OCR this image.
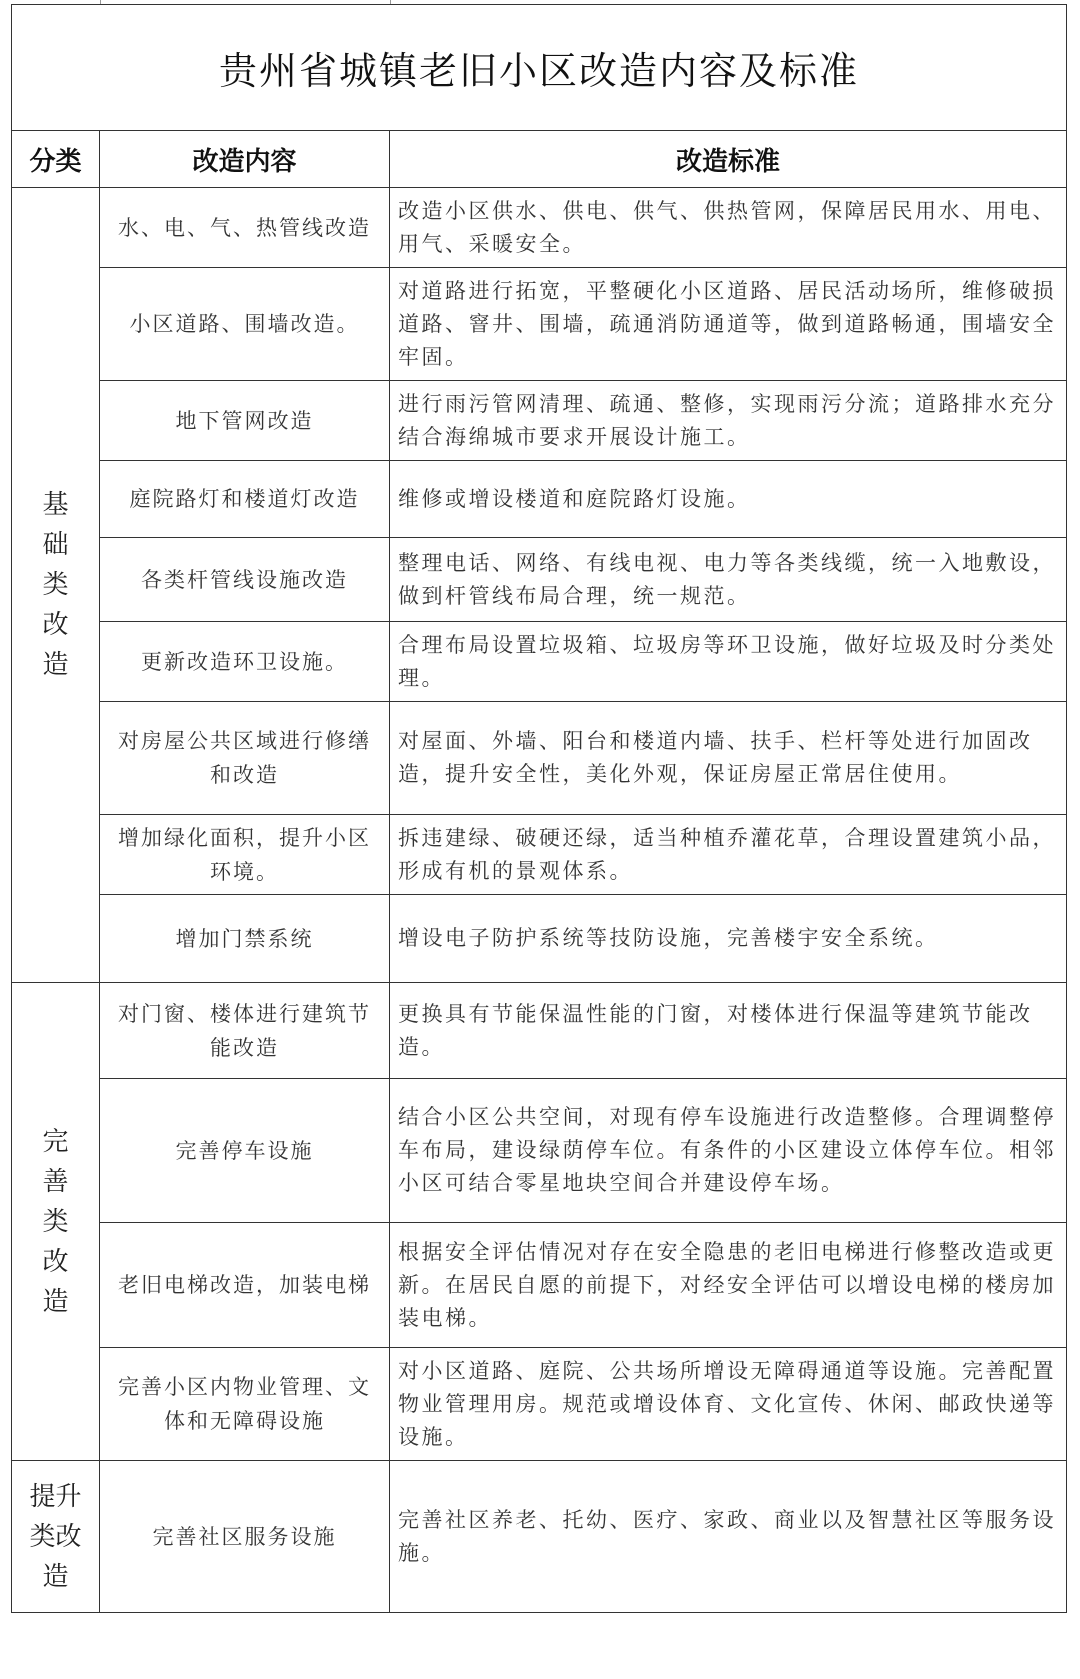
贵州省城镇老旧小区改造内容及标准		
分类	改造内容	改造标准
基础类改造	水、电、气、热管线改造	改造小区供水、供电、供气、供热管网，保障居民用水、用电、用气、采暖安全。
	小区道路、围墙改造。	对道路进行拓宽，平整硬化小区道路、居民活动场所，维修破损道路、窨井、围墙，疏通消防通道等，做到道路畅通，围墙安全牢固。
	地下管网改造	进行雨污管网清理、疏通、整修，实现雨污分流；道路排水充分结合海绵城市要求开展设计施工。
	庭院路灯和楼道灯改造	维修或增设楼道和庭院路灯设施。
	各类杆管线设施改造	整理电话、网络、有线电视、电力等各类线缆，统一入地敷设，做到杆管线布局合理，统一规范。
	更新改造环卫设施。	合理布局设置垃圾箱、垃圾房等环卫设施，做好垃圾及时分类处理。
	对房屋公共区域进行修缮和改造	对屋面、外墙、阳台和楼道内墙、扶手、栏杆等处进行加固改造，提升安全性，美化外观，保证房屋正常居住使用。
	增加绿化面积，提升小区环境。	拆违建绿、破硬还绿，适当种植乔灌花草，合理设置建筑小品，形成有机的景观体系。
	增加门禁系统	增设电子防护系统等技防设施，完善楼宇安全系统。
完善类改造	对门窗、楼体进行建筑节能改造	更换具有节能保温性能的门窗，对楼体进行保温等建筑节能改造。
	完善停车设施	结合小区公共空间，对现有停车设施进行改造整修。合理调整停车布局，建设绿荫停车位。有条件的小区建设立体停车位。相邻小区可结合零星地块空间合并建设停车场。
	老旧电梯改造，加装电梯	根据安全评估情况对存在安全隐患的老旧电梯进行修整改造或更新。在居民自愿的前提下，对经安全评估可以增设电梯的楼房加装电梯。
	完善小区内物业管理、文体和无障碍设施	对小区道路、庭院、公共场所增设无障碍通道等设施。完善配置物业管理用房。规范或增设体育、文化宣传、休闲、邮政快递等设施。
提升类改造	完善社区服务设施	完善社区养老、托幼、医疗、家政、商业以及智慧社区等服务设施。
